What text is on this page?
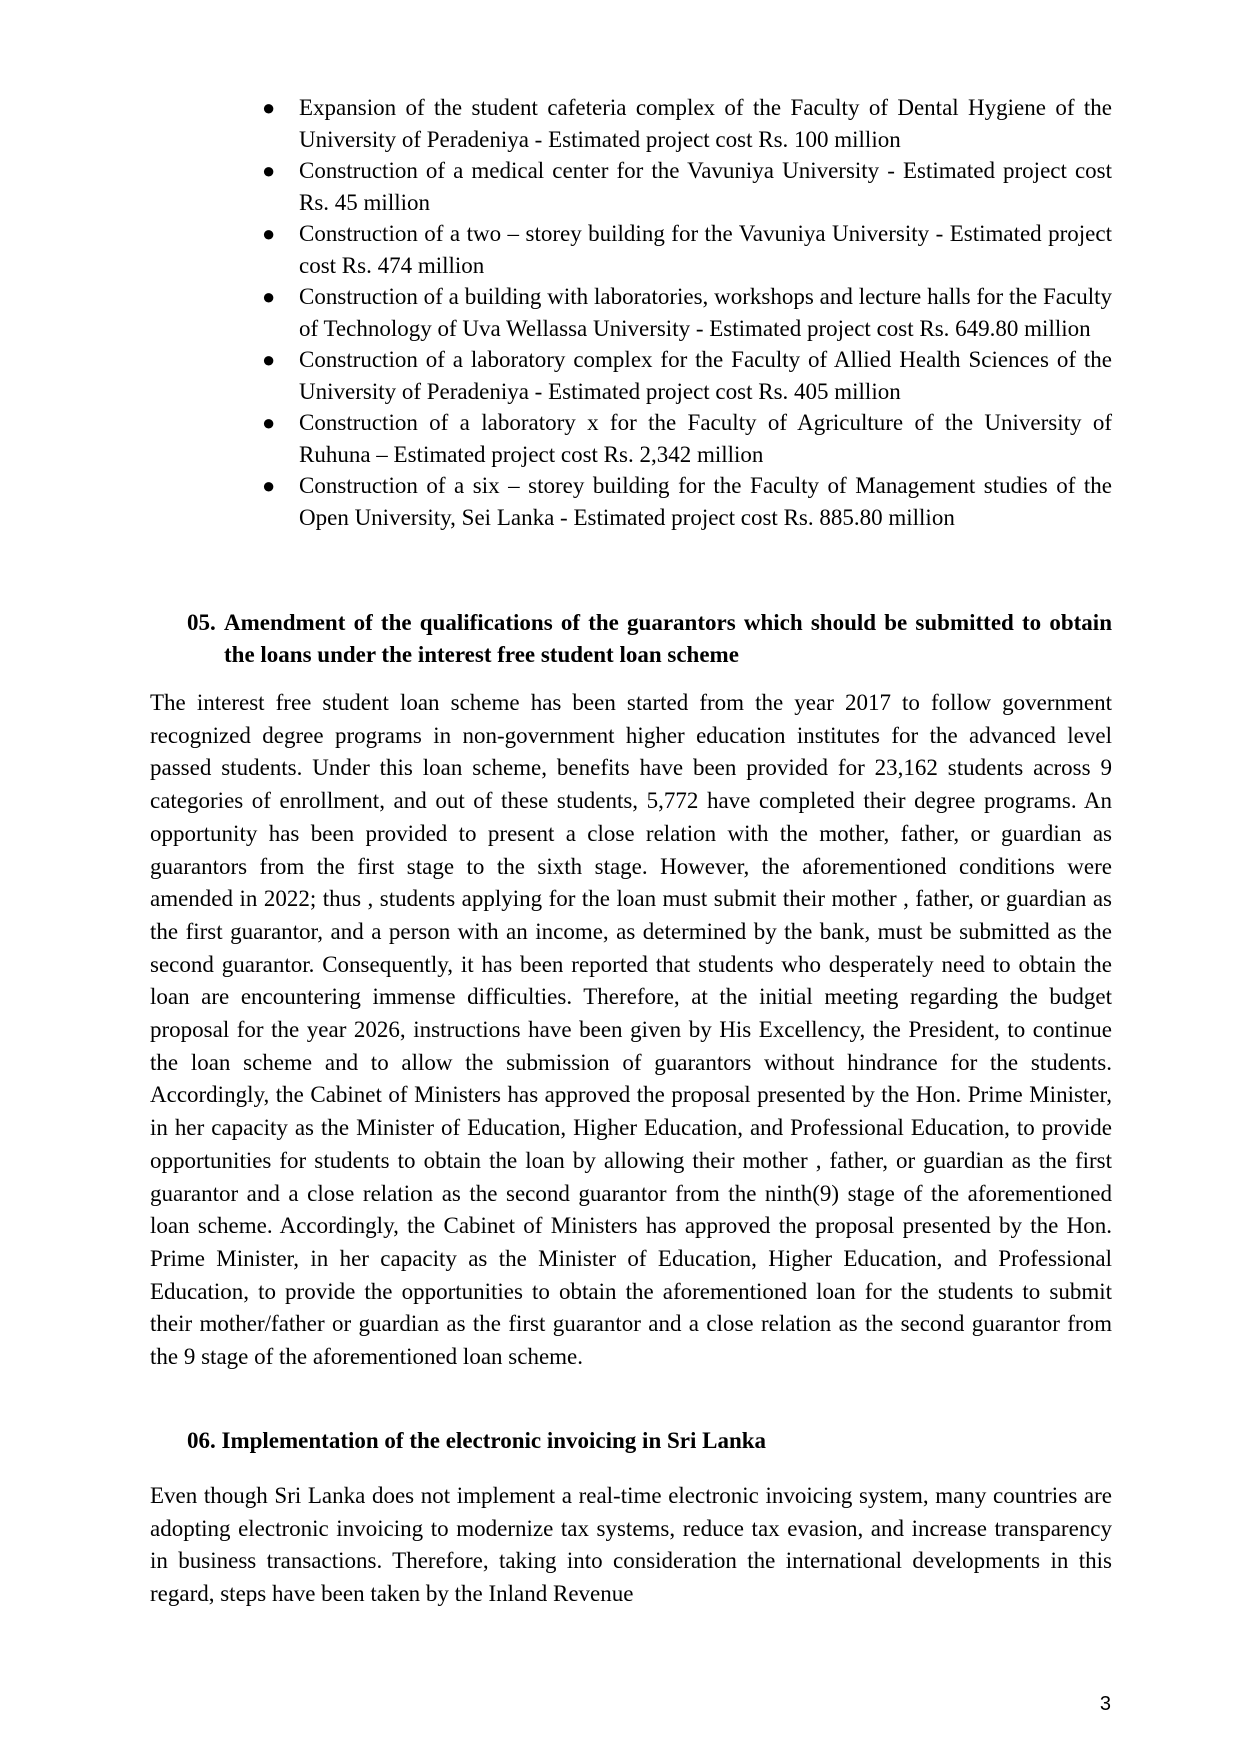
● Expansion of the student cafeteria complex of the Faculty of Dental Hygiene of the University of Peradeniya - Estimated project cost Rs. 100 million
● Construction of a medical center for the Vavuniya University - Estimated project cost Rs. 45 million
● Construction of a two – storey building for the Vavuniya University - Estimated project cost Rs. 474 million
● Construction of a building with laboratories, workshops and lecture halls for the Faculty of Technology of Uva Wellassa University - Estimated project cost Rs. 649.80 million
● Construction of a laboratory complex for the Faculty of Allied Health Sciences of the University of Peradeniya - Estimated project cost Rs. 405 million
● Construction of a laboratory x for the Faculty of Agriculture of the University of Ruhuna – Estimated project cost Rs. 2,342 million
● Construction of a six – storey building for the Faculty of Management studies of the Open University, Sei Lanka - Estimated project cost Rs. 885.80 million
05. Amendment of the qualifications of the guarantors which should be submitted to obtain the loans under the interest free student loan scheme

The interest free student loan scheme has been started from the year 2017 to follow government recognized degree programs in non-government higher education institutes for the advanced level passed students. Under this loan scheme, benefits have been provided for 23,162 students across 9 categories of enrollment, and out of these students, 5,772 have completed their degree programs. An opportunity has been provided to present a close relation with the mother, father, or guardian as guarantors from the first stage to the sixth stage. However, the aforementioned conditions were amended in 2022; thus , students applying for the loan must submit their mother , father, or guardian as the first guarantor, and a person with an income, as determined by the bank, must be submitted as the second guarantor. Consequently, it has been reported that students who desperately need to obtain the loan are encountering immense difficulties. Therefore, at the initial meeting regarding the budget proposal for the year 2026, instructions have been given by His Excellency, the President, to continue the loan scheme and to allow the submission of guarantors without hindrance for the students. Accordingly, the Cabinet of Ministers has approved the proposal presented by the Hon. Prime Minister, in her capacity as the Minister of Education, Higher Education, and Professional Education, to provide opportunities for students to obtain the loan by allowing their mother , father, or guardian as the first guarantor and a close relation as the second guarantor from the ninth(9) stage of the aforementioned loan scheme. Accordingly, the Cabinet of Ministers has approved the proposal presented by the Hon. Prime Minister, in her capacity as the Minister of Education, Higher Education, and Professional Education, to provide the opportunities to obtain the aforementioned loan for the students to submit their mother/father or guardian as the first guarantor and a close relation as the second guarantor from the 9 stage of the aforementioned loan scheme.

06. Implementation of the electronic invoicing in Sri Lanka

Even though Sri Lanka does not implement a real-time electronic invoicing system, many countries are adopting electronic invoicing to modernize tax systems, reduce tax evasion, and increase transparency in business transactions. Therefore, taking into consideration the international developments in this regard, steps have been taken by the Inland Revenue

3
